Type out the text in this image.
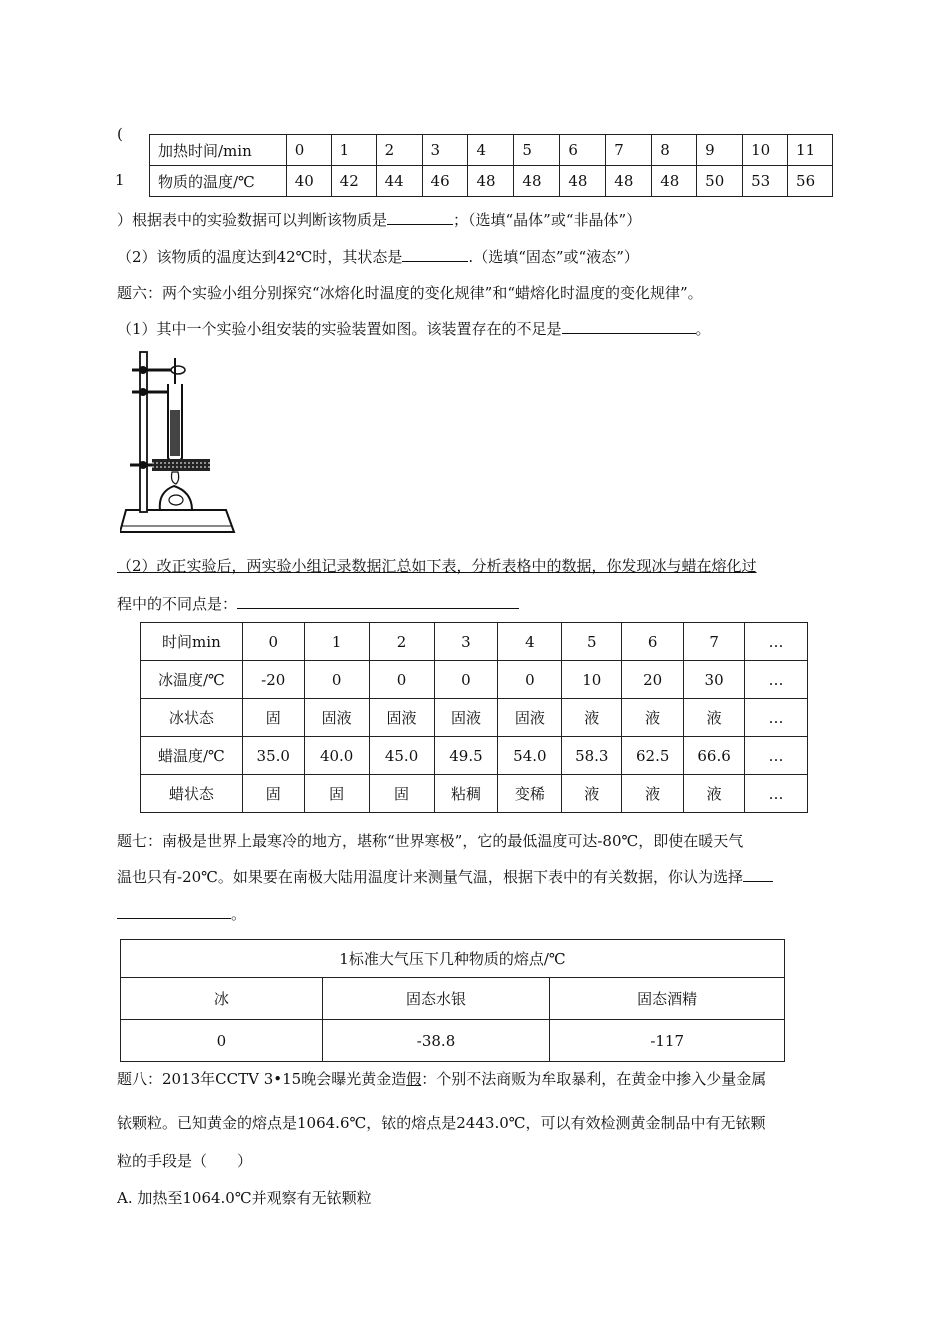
(
1
加热时间/min	0	1	2	3	4	5	6	7	8	9	10	11
物质的温度/℃	40	42	44	46	48	48	48	48	48	50	53	56
）根据表中的实验数据可以判断该物质是	；（选填“晶体”或“非晶体”）
（2）该物质的温度达到42℃时，其状态是	.（选填“固态”或“液态”）
题六：两个实验小组分别探究“冰熔化时温度的变化规律”和“蜡熔化时温度的变化规律”。
（1）其中一个实验小组安装的实验装置如图。该装置存在的不足是	。
（2）改正实验后，两实验小组记录数据汇总如下表，分析表格中的数据，你发现冰与蜡在熔化过
程中的不同点是：
时间min	0	1	2	3	4	5	6	7	…
冰温度/℃	-20	0	0	0	0	10	20	30	…
冰状态	固	固液	固液	固液	固液	液	液	液	…
蜡温度/℃	35.0	40.0	45.0	49.5	54.0	58.3	62.5	66.6	…
蜡状态	固	固	固	粘稠	变稀	液	液	液	…
题七：南极是世界上最寒冷的地方，堪称“世界寒极”，它的最低温度可达-80℃，即使在暖天气
温也只有-20℃。如果要在南极大陆用温度计来测量气温，根据下表中的有关数据，你认为选择
。
1标准大气压下几种物质的熔点/℃		
冰	固态水银	固态酒精
0	-38.8	-117
题八：2013年CCTV 3•15晚会曝光黄金造假：个别不法商贩为牟取暴利，在黄金中掺入少量金属
铱颗粒。已知黄金的熔点是1064.6℃，铱的熔点是2443.0℃，可以有效检测黄金制品中有无铱颗
粒的手段是（　　）
A. 加热至1064.0℃并观察有无铱颗粒
